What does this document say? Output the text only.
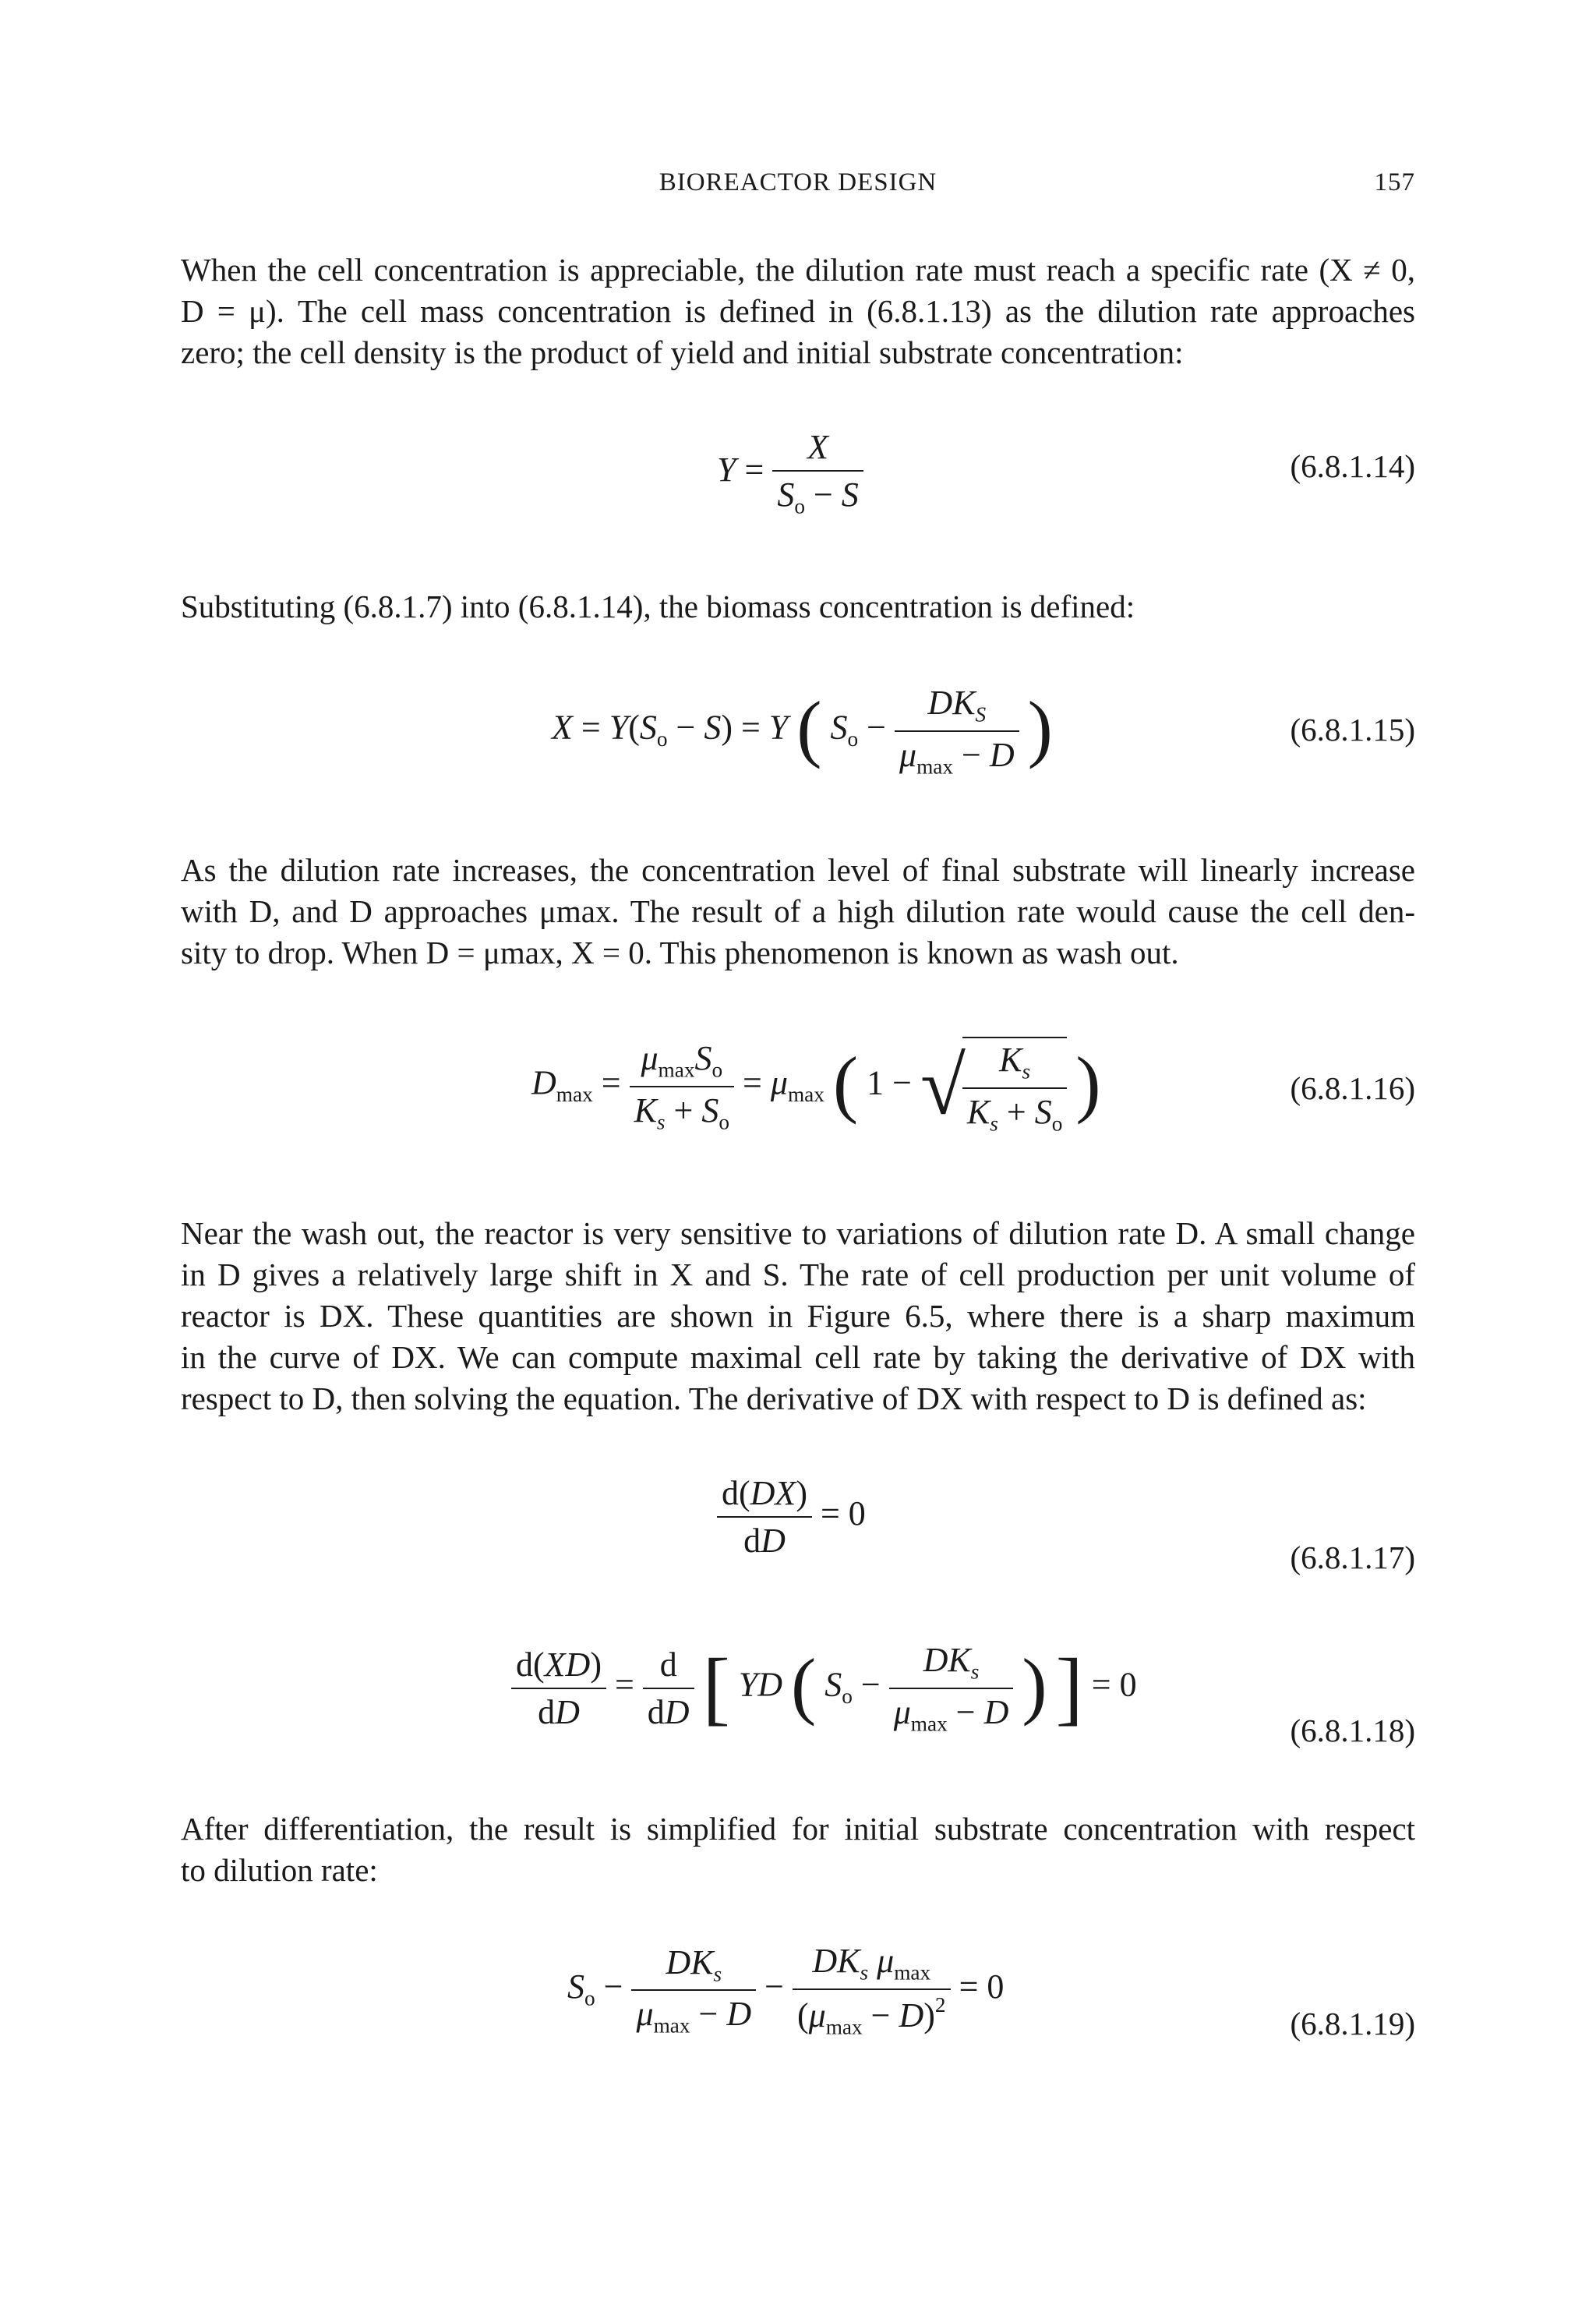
BIOREACTOR DESIGN	157

When the cell concentration is appreciable, the dilution rate must reach a specific rate (X ≠ 0,
D = μ). The cell mass concentration is defined in (6.8.1.13) as the dilution rate approaches
zero; the cell density is the product of yield and initial substrate concentration:

$Y = \frac{X}{S_o - S}$	(6.8.1.14)

Substituting (6.8.1.7) into (6.8.1.14), the biomass concentration is defined:

$X = Y(S_o - S) = Y$ ( $S_o - \frac{DK_S}{\mu_{max} - D}$ )	(6.8.1.15)

As the dilution rate increases, the concentration level of final substrate will linearly increase
with D, and D approaches μmax. The result of a high dilution rate would cause the cell den-
sity to drop. When D = μmax, X = 0. This phenomenon is known as wash out.

$D_{max} = \frac{\mu_{max}S_o}{K_s + S_o} = \mu_{max}$ ( 1 − √
$\frac{K_s}{K_s + S_o}$ )	(6.8.1.16)

Near the wash out, the reactor is very sensitive to variations of dilution rate D. A small change
in D gives a relatively large shift in X and S. The rate of cell production per unit volume of
reactor is DX. These quantities are shown in Figure 6.5, where there is a sharp maximum
in the curve of DX. We can compute maximal cell rate by taking the derivative of DX with
respect to D, then solving the equation. The derivative of DX with respect to D is defined as:

$\frac{d(DX)}{dD} = 0$
(6.8.1.17)
$\frac{d(XD)}{dD} = \frac{d}{dD}$ [ YD ( $S_o - \frac{DK_s}{\mu_{max} - D}$ ) ] = 0
(6.8.1.18)

After differentiation, the result is simplified for initial substrate concentration with respect
to dilution rate:

$S_o - \frac{DK_s}{\mu_{max} - D} - \frac{DK_s \mu_{max}}{(\mu_{max} - D)^2} = 0$
(6.8.1.19)
